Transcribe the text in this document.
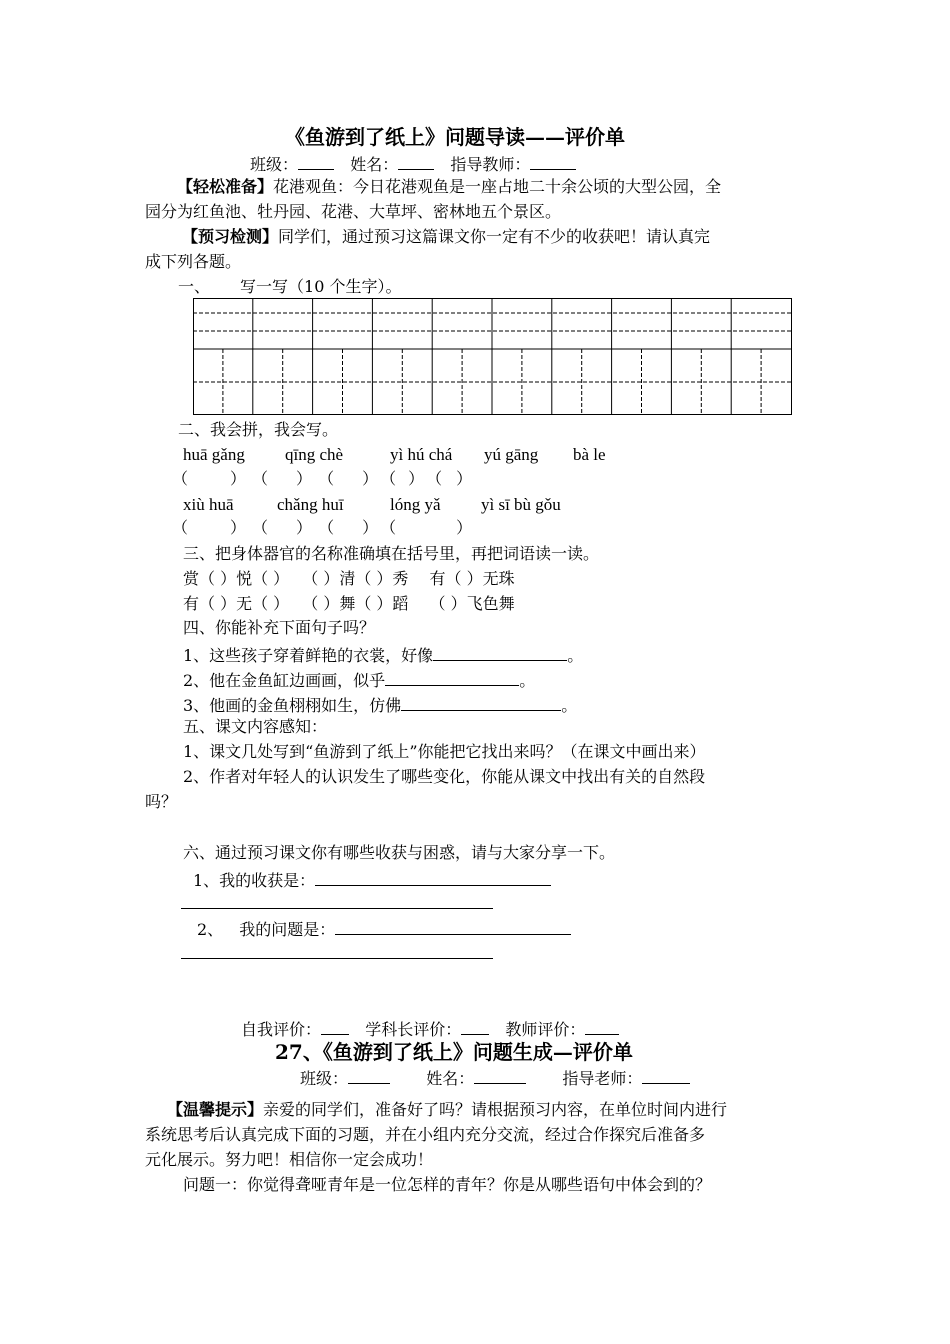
《鱼游到了纸上》问题导读——评价单
班级：	姓名：	指导教师：
【轻松准备】花港观鱼：今日花港观鱼是一座占地二十余公顷的大型公园，全
园分为红鱼池、牡丹园、花港、大草坪、密林地五个景区。
【预习检测】同学们，通过预习这篇课文你一定有不少的收获吧！请认真完
成下列各题。
一、 写一写（10 个生字）。
二、我会拼，我会写。
huā gǎng qīng chè	yì hú chá yú gāng bà le
（	） （ ） （ ） （ ） （ ）
xiù huā	chǎng huī	lóng yǎ yì sī bù gǒu
（	） （ ） （ ） （	）
三、把身体器官的名称准确填在括号里，再把词语读一读。
赏（ ）悦（ ）　 （ ）清（ ）秀　 有（ ）无珠
有（ ）无（ ）　 （ ）舞（ ）蹈　 （ ）飞色舞
四、你能补充下面句子吗？
1、这些孩子穿着鲜艳的衣裳，好像	。
2、他在金鱼缸边画画，似乎	。
3、他画的金鱼栩栩如生，仿佛	。
五、课文内容感知：
1、课文几处写到“鱼游到了纸上”你能把它找出来吗？（在课文中画出来）
2、作者对年轻人的认识发生了哪些变化，你能从课文中找出有关的自然段
吗？
六、通过预习课文你有哪些收获与困惑，请与大家分享一下。
1、我的收获是：
2、 我的问题是：
自我评价：	学科长评价：	教师评价：
27、《鱼游到了纸上》问题生成—评价单
班级：	姓名：	指导老师：
【温馨提示】亲爱的同学们，准备好了吗？请根据预习内容，在单位时间内进行
系统思考后认真完成下面的习题，并在小组内充分交流，经过合作探究后准备多
元化展示。努力吧！相信你一定会成功！
问题一：你觉得聋哑青年是一位怎样的青年？你是从哪些语句中体会到的？
